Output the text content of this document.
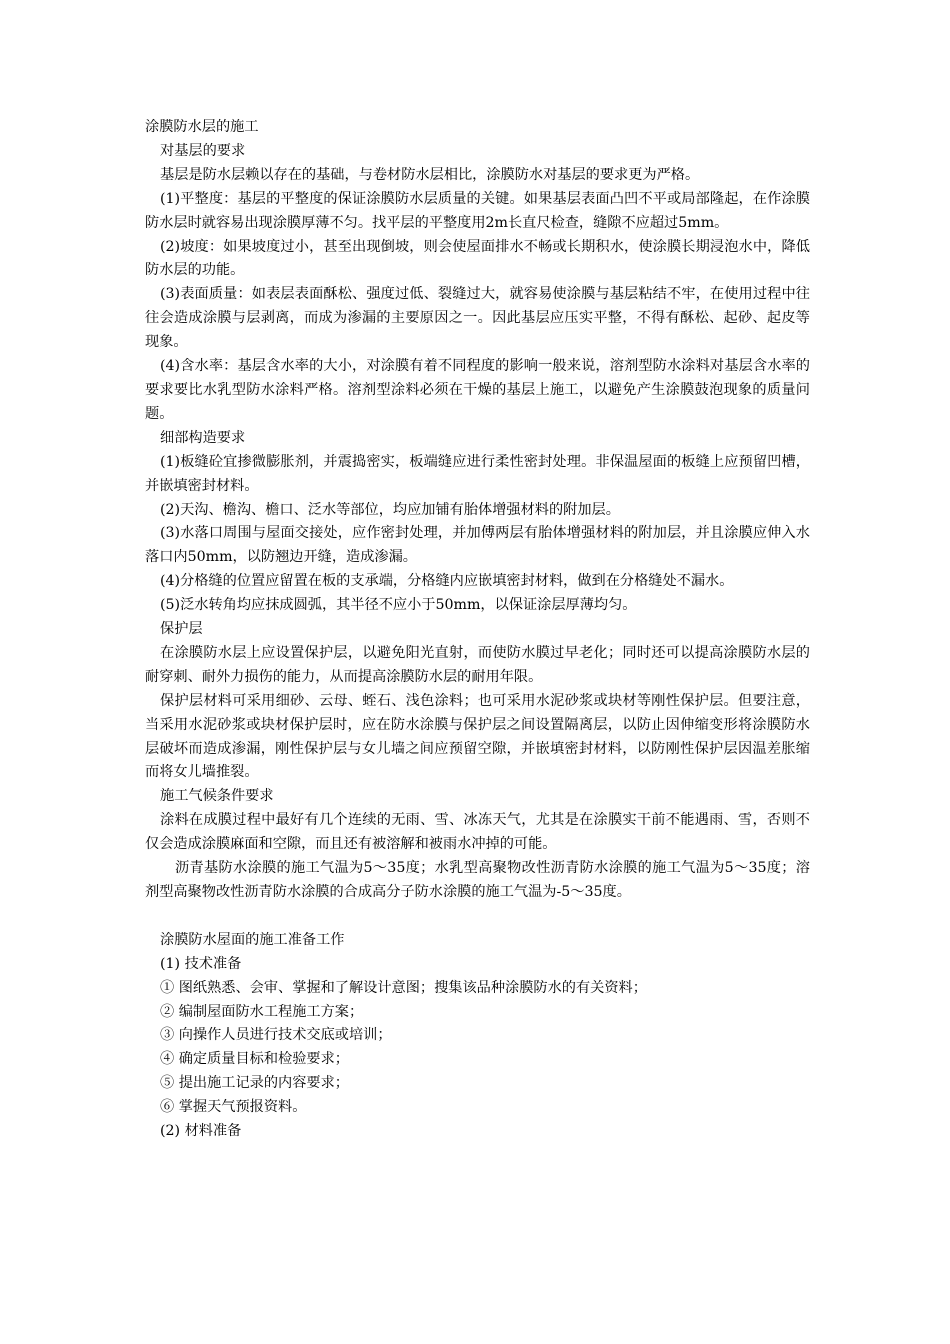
涂膜防水层的施工

对基层的要求

基层是防水层赖以存在的基础，与卷材防水层相比，涂膜防水对基层的要求更为严格。

(1)平整度：基层的平整度的保证涂膜防水层质量的关键。如果基层表面凸凹不平或局部隆起，在作涂膜防水层时就容易出现涂膜厚薄不匀。找平层的平整度用2m长直尺检查，缝隙不应超过5mm。

(2)坡度：如果坡度过小，甚至出现倒坡，则会使屋面排水不畅或长期积水，使涂膜长期浸泡水中，降低防水层的功能。

(3)表面质量：如表层表面酥松、强度过低、裂缝过大，就容易使涂膜与基层粘结不牢，在使用过程中往往会造成涂膜与层剥离，而成为渗漏的主要原因之一。因此基层应压实平整，不得有酥松、起砂、起皮等现象。

(4)含水率：基层含水率的大小，对涂膜有着不同程度的影响一般来说，溶剂型防水涂料对基层含水率的要求要比水乳型防水涂料严格。溶剂型涂料必须在干燥的基层上施工，以避免产生涂膜鼓泡现象的质量问题。

细部构造要求

(1)板缝砼宜掺微膨胀剂，并震捣密实，板端缝应进行柔性密封处理。非保温屋面的板缝上应预留凹槽，并嵌填密封材料。

(2)天沟、檐沟、檐口、泛水等部位，均应加铺有胎体增强材料的附加层。

(3)水落口周围与屋面交接处，应作密封处理，并加傅两层有胎体增强材料的附加层，并且涂膜应伸入水落口内50mm，以防翘边开缝，造成渗漏。

(4)分格缝的位置应留置在板的支承端，分格缝内应嵌填密封材料，做到在分格缝处不漏水。

(5)泛水转角均应抹成圆弧，其半径不应小于50mm，以保证涂层厚薄均匀。

保护层

在涂膜防水层上应设置保护层，以避免阳光直射，而使防水膜过早老化；同时还可以提高涂膜防水层的耐穿刺、耐外力损伤的能力，从而提高涂膜防水层的耐用年限。

保护层材料可采用细砂、云母、蛭石、浅色涂料；也可采用水泥砂浆或块材等刚性保护层。但要注意，当采用水泥砂浆或块材保护层时，应在防水涂膜与保护层之间设置隔离层，以防止因伸缩变形将涂膜防水层破坏而造成渗漏，刚性保护层与女儿墙之间应预留空隙，并嵌填密封材料，以防刚性保护层因温差胀缩而将女儿墙推裂。

施工气候条件要求

涂料在成膜过程中最好有几个连续的无雨、雪、冰冻天气，尤其是在涂膜实干前不能遇雨、雪，否则不仅会造成涂膜麻面和空隙，而且还有被溶解和被雨水冲掉的可能。

沥青基防水涂膜的施工气温为5～35度；水乳型高聚物改性沥青防水涂膜的施工气温为5～35度；溶剂型高聚物改性沥青防水涂膜的合成高分子防水涂膜的施工气温为-5～35度。

涂膜防水屋面的施工准备工作

(1) 技术准备

① 图纸熟悉、会审、掌握和了解设计意图；搜集该品种涂膜防水的有关资料；

② 编制屋面防水工程施工方案；

③ 向操作人员进行技术交底或培训；

④ 确定质量目标和检验要求；

⑤ 提出施工记录的内容要求；

⑥ 掌握天气预报资料。

(2) 材料准备
